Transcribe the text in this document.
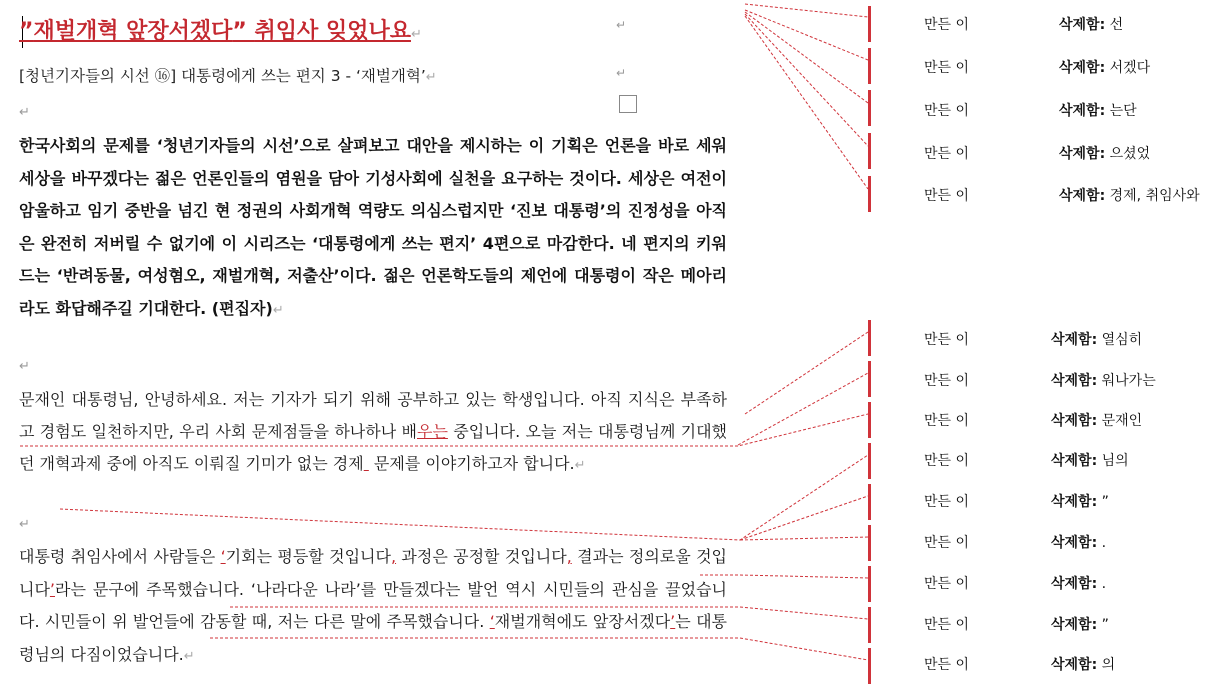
”재벌개혁 앞장서겠다” 취임사 잊었나요↵
↵
↵
[청년기자들의 시선 ⑯] 대통령에게 쓰는 편지 3 - ‘재벌개혁’↵
↵
한국사회의 문제를 ‘청년기자들의 시선’으로 살펴보고 대안을 제시하는 이 기획은 언론을 바로 세워 세상을 바꾸겠다는 젊은 언론인들의 염원을 담아 기성사회에 실천을 요구하는 것이다. 세상은 여전이 암울하고 임기 중반을 넘긴 현 정권의 사회개혁 역량도 의심스럽지만 ‘진보 대통령’의 진정성을 아직은 완전히 저버릴 수 없기에 이 시리즈는 ‘대통령에게 쓰는 편지’ 4편으로 마감한다. 네 편지의 키워드는 ‘반려동물, 여성혐오, 재벌개혁, 저출산’이다. 젊은 언론학도들의 제언에 대통령이 작은 메아리라도 화답해주길 기대한다. (편집자)↵
↵
문재인 대통령님, 안녕하세요. 저는 기자가 되기 위해 공부하고 있는 학생입니다. 아직 지식은 부족하고 경험도 일천하지만, 우리 사회 문제점들을 하나하나 배우는 중입니다. 오늘 저는 대통령님께 기대했던 개혁과제 중에 아직도 이뤄질 기미가 없는 경제  문제를 이야기하고자 합니다.↵
↵
대통령 취임사에서 사람들은 ‘기회는 평등할 것입니다, 과정은 공정할 것입니다, 결과는 정의로울 것입니다’라는 문구에 주목했습니다. ‘나라다운 나라’를 만들겠다는 발언 역시 시민들의 관심을 끌었습니다. 시민들이 위 발언들에 감동할 때, 저는 다른 말에 주목했습니다. ‘재벌개혁에도 앞장서겠다’는 대통령님의 다짐이었습니다.↵
만든 이	삭제함: 선
만든 이	삭제함: 서겠다
만든 이	삭제함: 는단
만든 이	삭제함: 으셨었
만든 이	삭제함: 경제, 취임사와
만든 이	삭제함: 열심히
만든 이	삭제함: 워나가는
만든 이	삭제함: 문재인
만든 이	삭제함: 님의
만든 이	삭제함: ”
만든 이	삭제함: .
만든 이	삭제함: .
만든 이	삭제함: ”
만든 이	삭제함: 의
